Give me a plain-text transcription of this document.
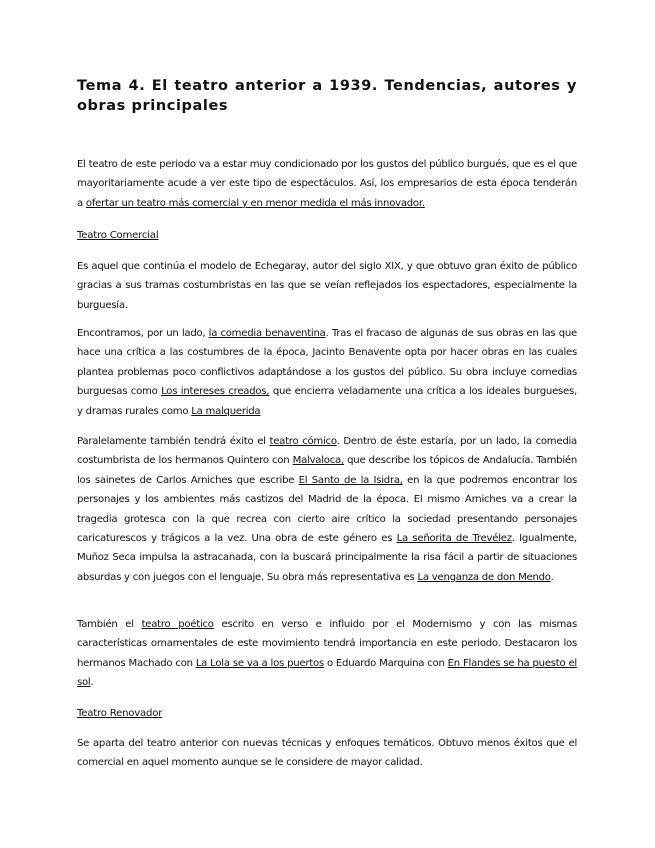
Tema 4. El teatro anterior a 1939. Tendencias, autores y obras principales

El teatro de este periodo va a estar muy condicionado por los gustos del público burgués, que es el que mayoritariamente acude a ver este tipo de espectáculos. Así, los empresarios de esta época tenderán a ofertar un teatro más comercial y en menor medida el más innovador.

Teatro Comercial

Es aquel que continúa el modelo de Echegaray, autor del siglo XIX, y que obtuvo gran éxito de público gracias a sus tramas costumbristas en las que se veían reflejados los espectadores, especialmente la burguesía.

Encontramos, por un lado, la comedia benaventina. Tras el fracaso de algunas de sus obras en las que hace una crítica a las costumbres de la época, Jacinto Benavente opta por hacer obras en las cuales plantea problemas poco conflictivos adaptándose a los gustos del público. Su obra incluye comedias burguesas como Los intereses creados, que encierra veladamente una crítica a los ideales burgueses, y dramas rurales como La malquerida

Paralelamente también tendrá éxito el teatro cómico. Dentro de éste estaría, por un lado, la comedia costumbrista de los hermanos Quintero con Malvaloca, que describe los tópicos de Andalucía. También los sainetes de Carlos Arniches que escribe El Santo de la Isidra, en la que podremos encontrar los personajes y los ambientes más castizos del Madrid de la época. El mismo Arniches va a crear la tragedia grotesca con la que recrea con cierto aire crítico la sociedad presentando personajes caricaturescos y trágicos a la vez. Una obra de este género es La señorita de Trevélez. Igualmente, Muñoz Seca impulsa la astracanada, con la buscará principalmente la risa fácil a partir de situaciones absurdas y con juegos con el lenguaje. Su obra más representativa es La venganza de don Mendo.

También el teatro poético escrito en verso e influido por el Modernismo y con las mismas características ornamentales de este movimiento tendrá importancia en este periodo. Destacaron los hermanos Machado con La Lola se va a los puertos o Eduardo Marquina con En Flandes se ha puesto el sol.

Teatro Renovador

Se aparta del teatro anterior con nuevas técnicas y enfoques temáticos. Obtuvo menos éxitos que el comercial en aquel momento aunque se le considere de mayor calidad.
